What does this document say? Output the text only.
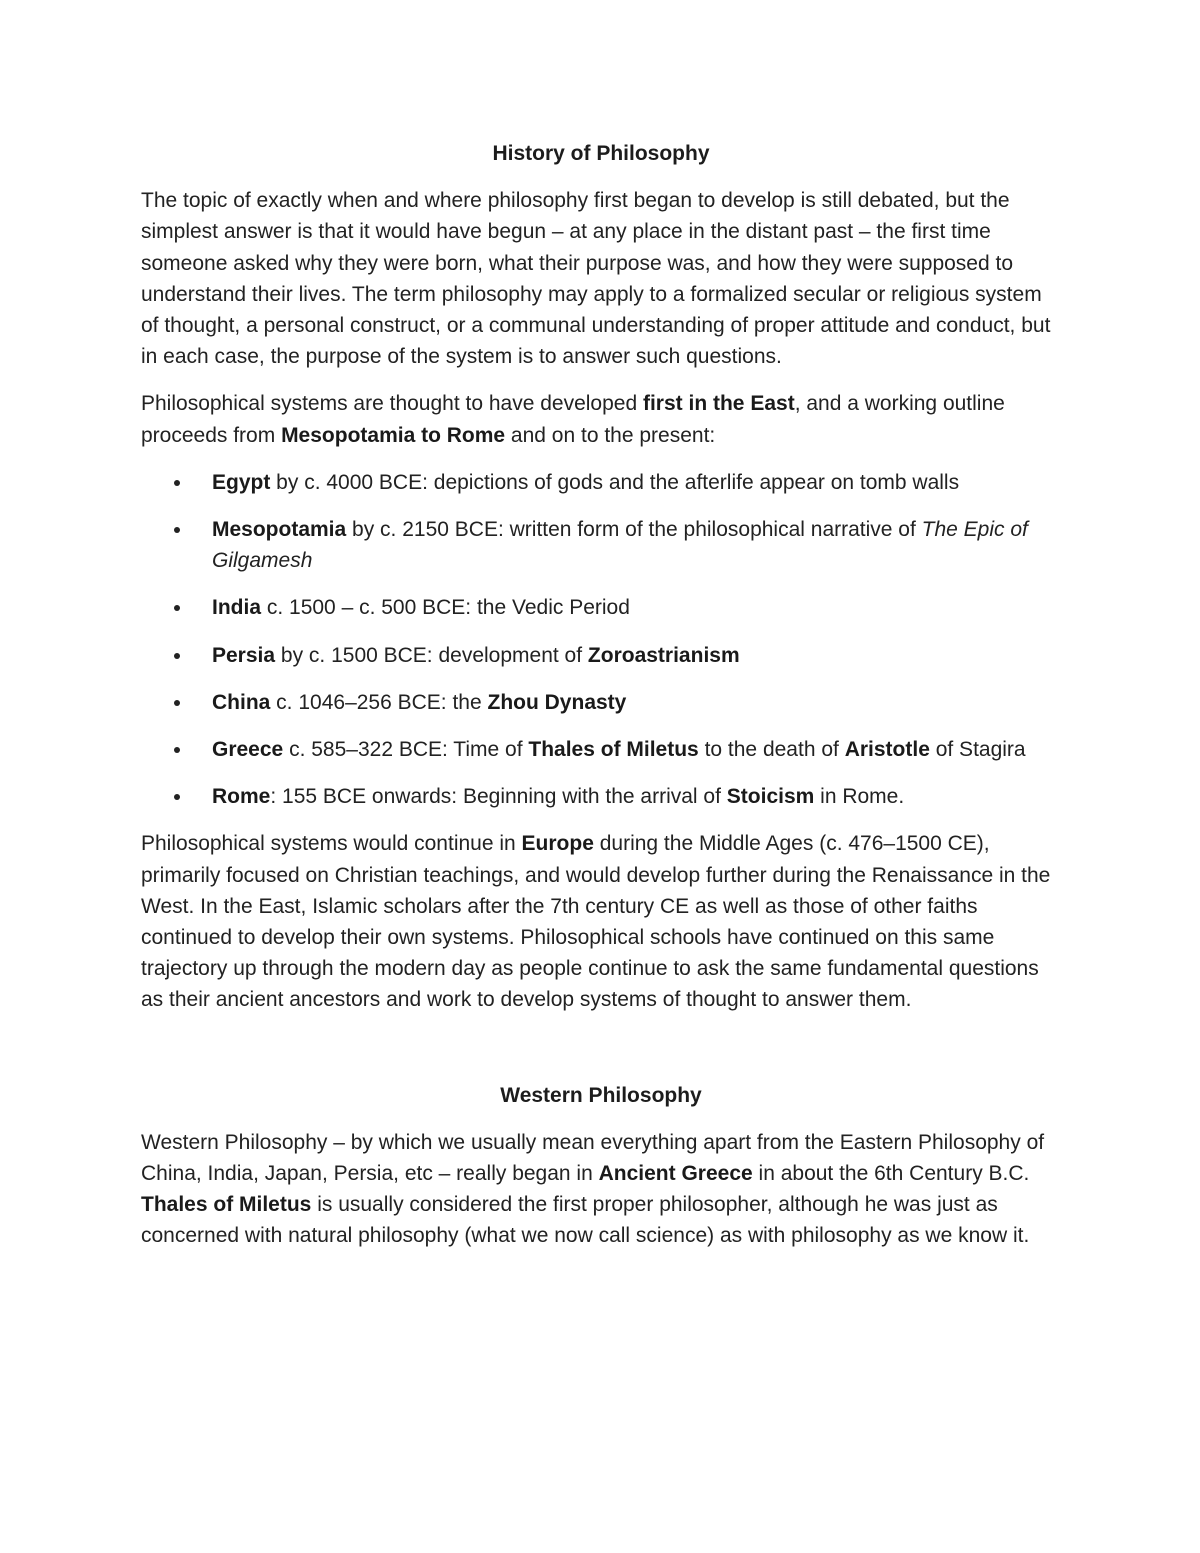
History of Philosophy

The topic of exactly when and where philosophy first began to develop is still debated, but the simplest answer is that it would have begun – at any place in the distant past – the first time someone asked why they were born, what their purpose was, and how they were supposed to understand their lives. The term philosophy may apply to a formalized secular or religious system of thought, a personal construct, or a communal understanding of proper attitude and conduct, but in each case, the purpose of the system is to answer such questions.

Philosophical systems are thought to have developed first in the East, and a working outline proceeds from Mesopotamia to Rome and on to the present:

Egypt by c. 4000 BCE: depictions of gods and the afterlife appear on tomb walls
Mesopotamia by c. 2150 BCE: written form of the philosophical narrative of The Epic of Gilgamesh
India c. 1500 – c. 500 BCE: the Vedic Period
Persia by c. 1500 BCE: development of Zoroastrianism
China c. 1046–256 BCE: the Zhou Dynasty
Greece c. 585–322 BCE: Time of Thales of Miletus to the death of Aristotle of Stagira
Rome: 155 BCE onwards: Beginning with the arrival of Stoicism in Rome.

Philosophical systems would continue in Europe during the Middle Ages (c. 476–1500 CE), primarily focused on Christian teachings, and would develop further during the Renaissance in the West. In the East, Islamic scholars after the 7th century CE as well as those of other faiths continued to develop their own systems. Philosophical schools have continued on this same trajectory up through the modern day as people continue to ask the same fundamental questions as their ancient ancestors and work to develop systems of thought to answer them.

Western Philosophy

Western Philosophy – by which we usually mean everything apart from the Eastern Philosophy of China, India, Japan, Persia, etc – really began in Ancient Greece in about the 6th Century B.C.

Thales of Miletus is usually considered the first proper philosopher, although he was just as concerned with natural philosophy (what we now call science) as with philosophy as we know it.
